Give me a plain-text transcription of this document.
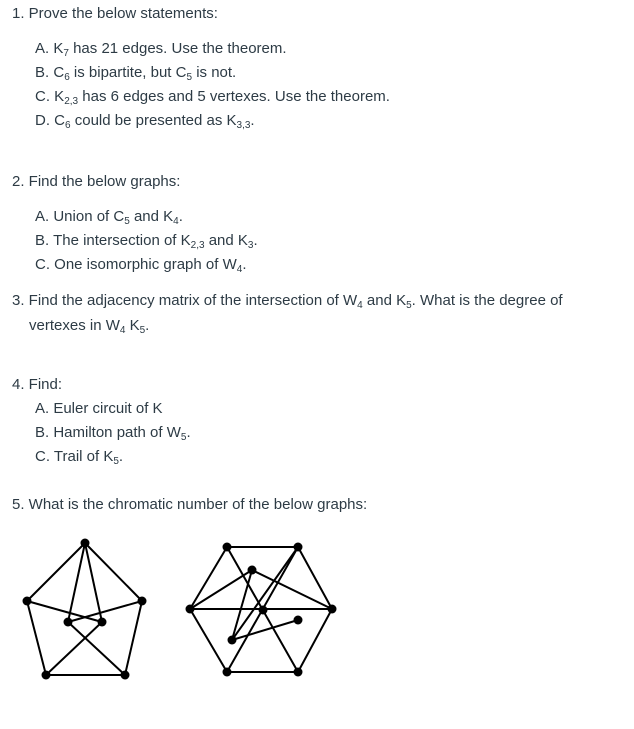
1. Prove the below statements:
A. $K_7$ has 21 edges. Use the theorem.
B. $C_6$ is bipartite, but $C_5$ is not.
C. $K_{2,3}$ has 6 edges and 5 vertexes. Use the theorem.
D. $C_6$ could be presented as $K_{3,3}$.
2. Find the below graphs:
A. Union of $C_5$ and $K_4$.
B. The intersection of $K_{2,3}$ and $K_3$.
C. One isomorphic graph of $W_4$.
3. Find the adjacency matrix of the intersection of $W_4$ and $K_5$. What is the degree of
vertexes in $W_4$ $K_5$.
4. Find:
A. Euler circuit of K
B. Hamilton path of $W_5$.
C. Trail of $K_5$.
5. What is the chromatic number of the below graphs:
